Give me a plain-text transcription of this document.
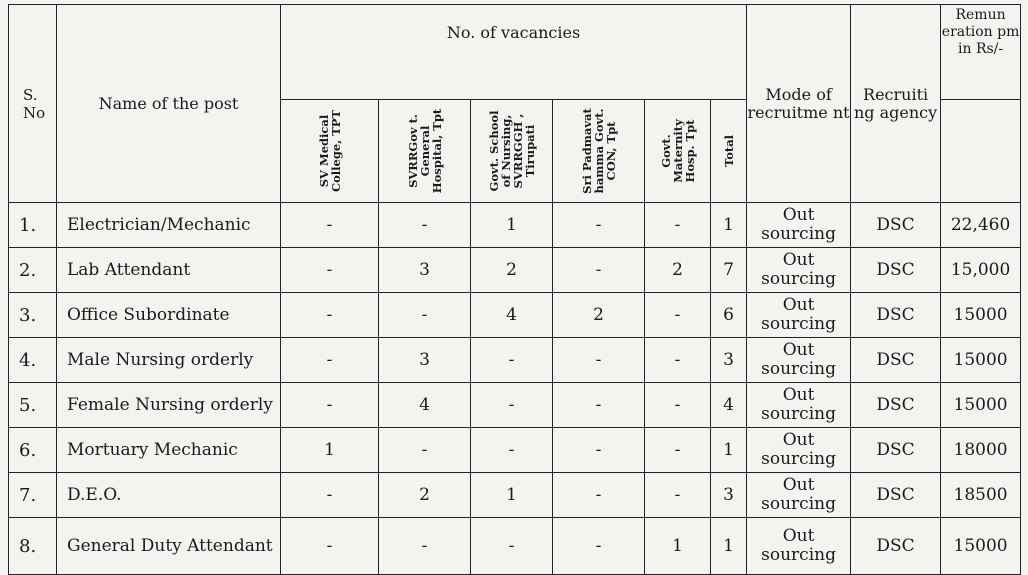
S. No	Name of the post	No. of vacancies						Mode of recruitme nt	Recruiti ng agency	Remun eration pm in Rs/-

		SV Medical College, TPT	SVRRGov t. General Hospital, Tpt	Govt. School of Nursing, SVRRGGH , Tirupati	Sri Padmavat hamma Govt. CON, Tpt	Govt. Maternity Hosp. Tpt	Total			

1.	Electrician/Mechanic	-	-	1	-	-	1	Out sourcing	DSC	22,460
2.	Lab Attendant	-	3	2	-	2	7	Out sourcing	DSC	15,000
3.	Office Subordinate	-	-	4	2	-	6	Out sourcing	DSC	15000
4.	Male Nursing orderly	-	3	-	-	-	3	Out sourcing	DSC	15000
5.	Female Nursing orderly	-	4	-	-	-	4	Out sourcing	DSC	15000
6.	Mortuary Mechanic	1	-	-	-	-	1	Out sourcing	DSC	18000
7.	D.E.O.	-	2	1	-	-	3	Out sourcing	DSC	18500
8.	General Duty Attendant	-	-	-	-	1	1	Out sourcing	DSC	15000
